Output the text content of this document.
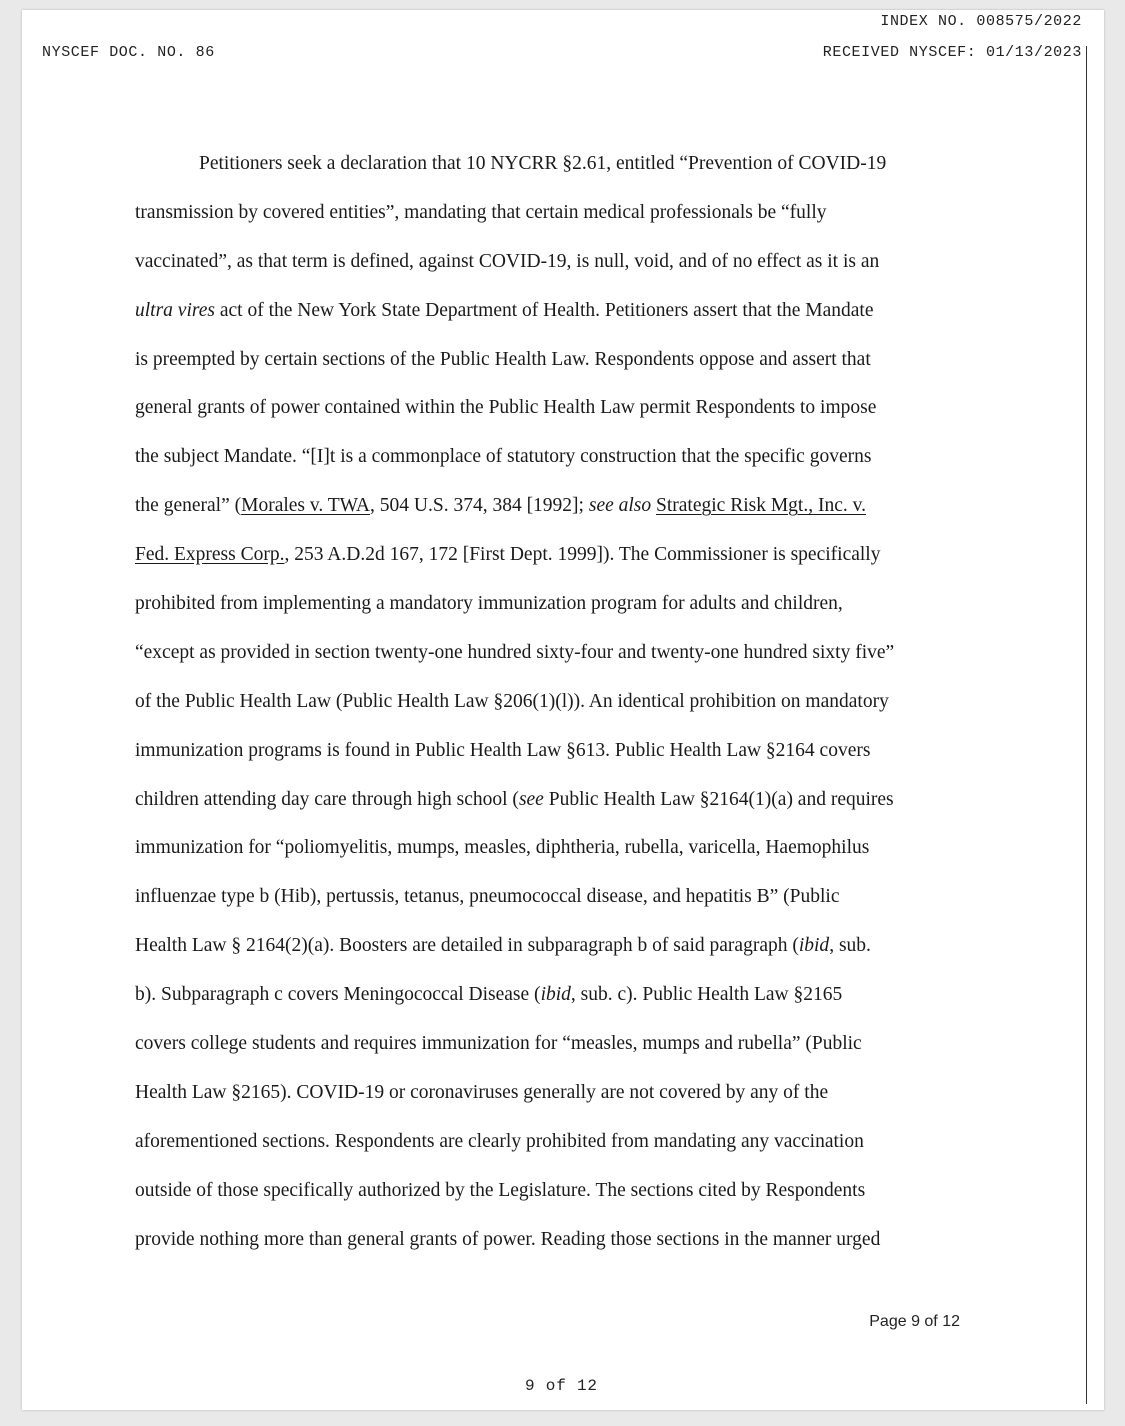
INDEX NO. 008575/2022
NYSCEF DOC. NO. 86	RECEIVED NYSCEF: 01/13/2023
Petitioners seek a declaration that 10 NYCRR §2.61, entitled “Prevention of COVID-19
transmission by covered entities”, mandating that certain medical professionals be “fully
vaccinated”, as that term is defined, against COVID-19, is null, void, and of no effect as it is an
ultra vires act of the New York State Department of Health. Petitioners assert that the Mandate
is preempted by certain sections of the Public Health Law. Respondents oppose and assert that
general grants of power contained within the Public Health Law permit Respondents to impose
the subject Mandate. “[I]t is a commonplace of statutory construction that the specific governs
the general” (Morales v. TWA, 504 U.S. 374, 384 [1992]; see also Strategic Risk Mgt., Inc. v.
Fed. Express Corp., 253 A.D.2d 167, 172 [First Dept. 1999]). The Commissioner is specifically
prohibited from implementing a mandatory immunization program for adults and children,
“except as provided in section twenty-one hundred sixty-four and twenty-one hundred sixty five”
of the Public Health Law (Public Health Law §206(1)(l)). An identical prohibition on mandatory
immunization programs is found in Public Health Law §613. Public Health Law §2164 covers
children attending day care through high school (see Public Health Law §2164(1)(a) and requires
immunization for “poliomyelitis, mumps, measles, diphtheria, rubella, varicella, Haemophilus
influenzae type b (Hib), pertussis, tetanus, pneumococcal disease, and hepatitis B” (Public
Health Law § 2164(2)(a). Boosters are detailed in subparagraph b of said paragraph (ibid, sub.
b). Subparagraph c covers Meningococcal Disease (ibid, sub. c). Public Health Law §2165
covers college students and requires immunization for “measles, mumps and rubella” (Public
Health Law §2165). COVID-19 or coronaviruses generally are not covered by any of the
aforementioned sections. Respondents are clearly prohibited from mandating any vaccination
outside of those specifically authorized by the Legislature. The sections cited by Respondents
provide nothing more than general grants of power. Reading those sections in the manner urged
Page 9 of 12
9 of 12
